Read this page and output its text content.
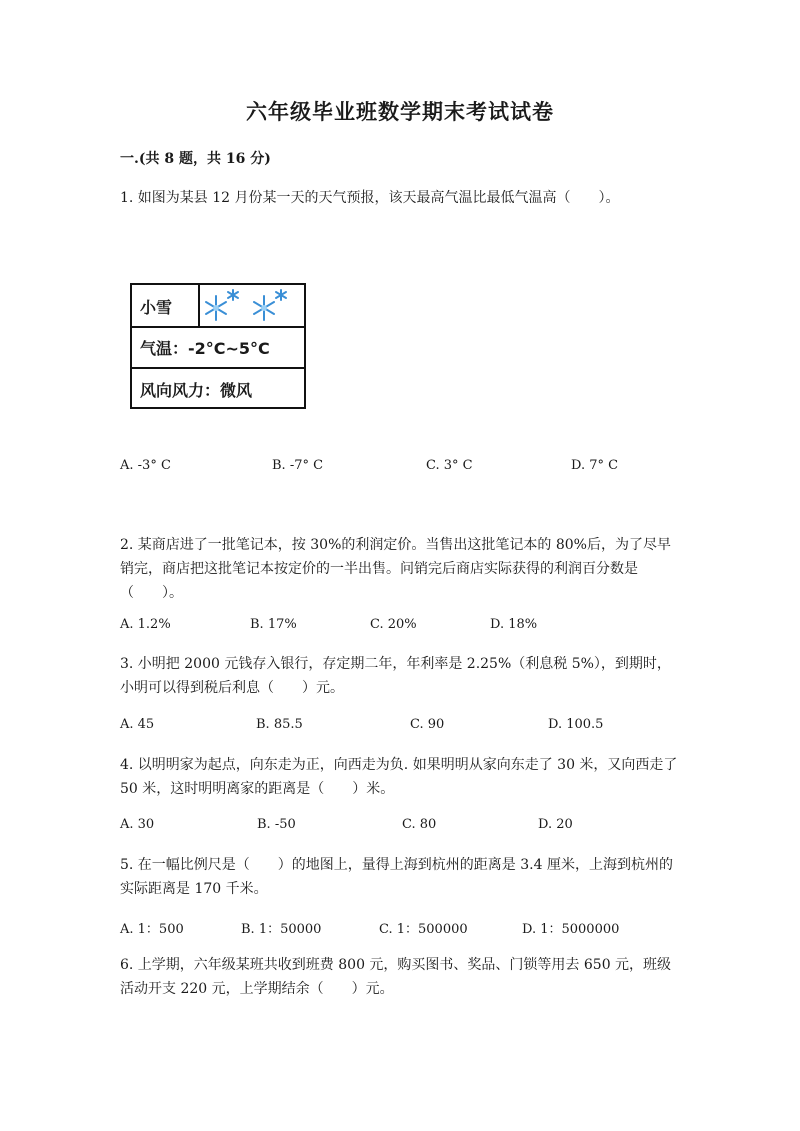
六年级毕业班数学期末考试试卷
一.(共 8 题，共 16 分)
1. 如图为某县 12 月份某一天的天气预报，该天最高气温比最低气温高（　　）。
小雪
气温：-2°C~5°C
风向风力：微风
A. -3° C	B. -7° C	C. 3° C	D. 7° C
2. 某商店进了一批笔记本，按 30%的利润定价。当售出这批笔记本的 80%后，为了尽早销完，商店把这批笔记本按定价的一半出售。问销完后商店实际获得的利润百分数是（　　）。
A. 1.2%	B. 17%	C. 20%	D. 18%
3. 小明把 2000 元钱存入银行，存定期二年，年利率是 2.25%（利息税 5%），到期时，小明可以得到税后利息（　　）元。
A. 45	B. 85.5	C. 90	D. 100.5
4. 以明明家为起点，向东走为正，向西走为负. 如果明明从家向东走了 30 米，又向西走了 50 米，这时明明离家的距离是（　　）米。
A. 30	B. -50	C. 80	D. 20
5. 在一幅比例尺是（　　）的地图上，量得上海到杭州的距离是 3.4 厘米，上海到杭州的实际距离是 170 千米。
A. 1：500	B. 1：50000	C. 1：500000	D. 1：5000000
6. 上学期，六年级某班共收到班费 800 元，购买图书、奖品、门锁等用去 650 元，班级活动开支 220 元，上学期结余（　　）元。
